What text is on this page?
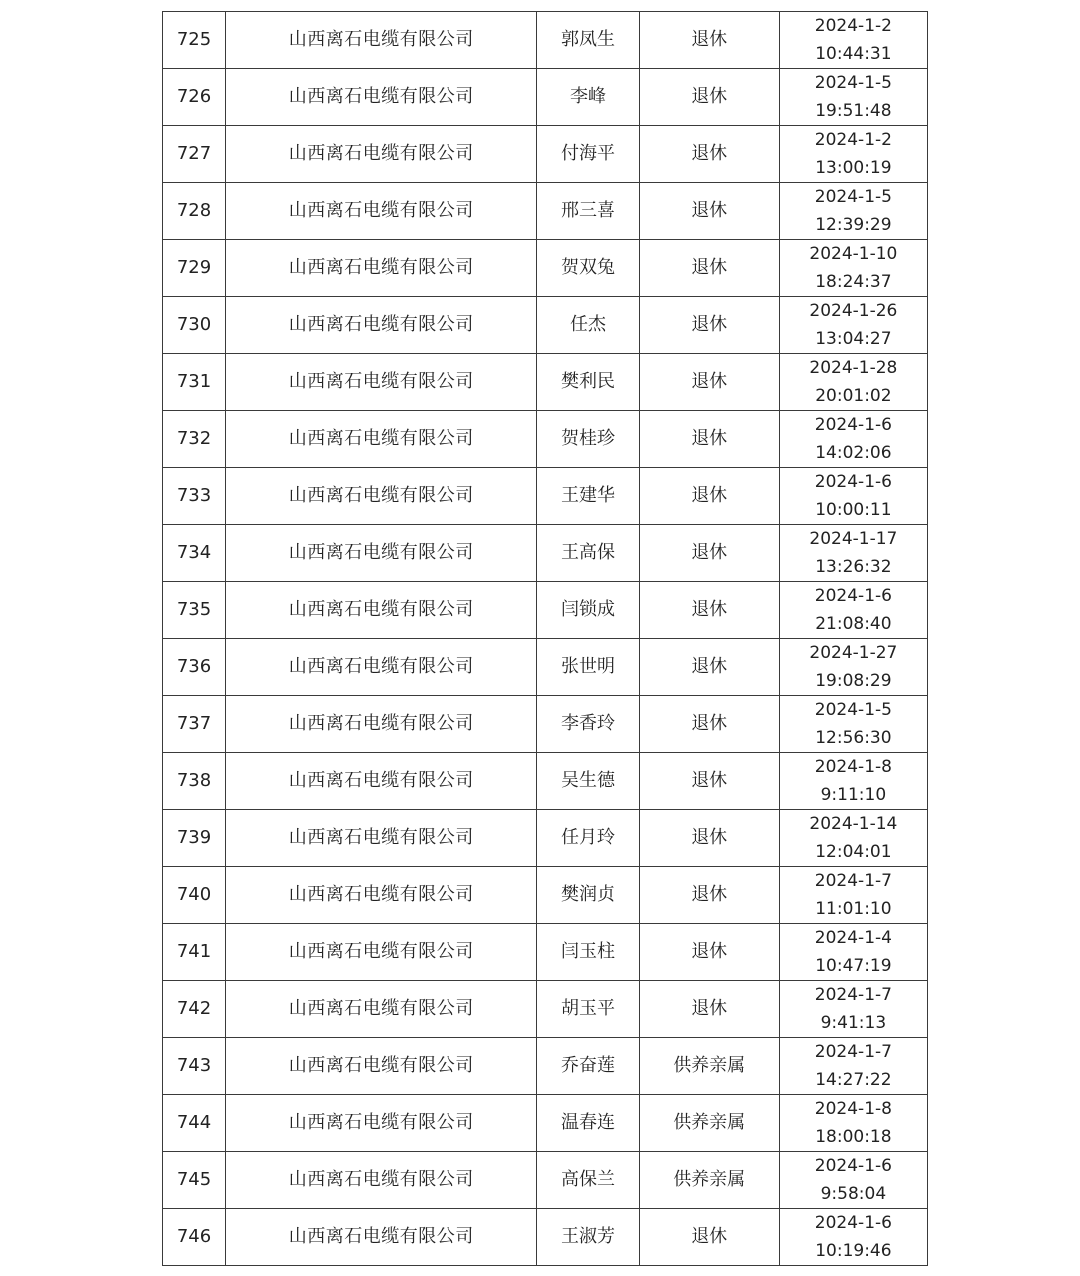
725	山西离石电缆有限公司	郭凤生	退休	2024-1-2
10:44:31

726	山西离石电缆有限公司	李峰	退休	2024-1-5
19:51:48

727	山西离石电缆有限公司	付海平	退休	2024-1-2
13:00:19

728	山西离石电缆有限公司	邢三喜	退休	2024-1-5
12:39:29

729	山西离石电缆有限公司	贺双兔	退休	2024-1-10
18:24:37

730	山西离石电缆有限公司	任杰	退休	2024-1-26
13:04:27

731	山西离石电缆有限公司	樊利民	退休	2024-1-28
20:01:02

732	山西离石电缆有限公司	贺桂珍	退休	2024-1-6
14:02:06

733	山西离石电缆有限公司	王建华	退休	2024-1-6
10:00:11

734	山西离石电缆有限公司	王高保	退休	2024-1-17
13:26:32

735	山西离石电缆有限公司	闫锁成	退休	2024-1-6
21:08:40

736	山西离石电缆有限公司	张世明	退休	2024-1-27
19:08:29

737	山西离石电缆有限公司	李香玲	退休	2024-1-5
12:56:30

738	山西离石电缆有限公司	吴生德	退休	2024-1-8
9:11:10

739	山西离石电缆有限公司	任月玲	退休	2024-1-14
12:04:01

740	山西离石电缆有限公司	樊润贞	退休	2024-1-7
11:01:10

741	山西离石电缆有限公司	闫玉柱	退休	2024-1-4
10:47:19

742	山西离石电缆有限公司	胡玉平	退休	2024-1-7
9:41:13

743	山西离石电缆有限公司	乔奋莲	供养亲属	2024-1-7
14:27:22

744	山西离石电缆有限公司	温春连	供养亲属	2024-1-8
18:00:18

745	山西离石电缆有限公司	高保兰	供养亲属	2024-1-6
9:58:04

746	山西离石电缆有限公司	王淑芳	退休	2024-1-6
10:19:46
